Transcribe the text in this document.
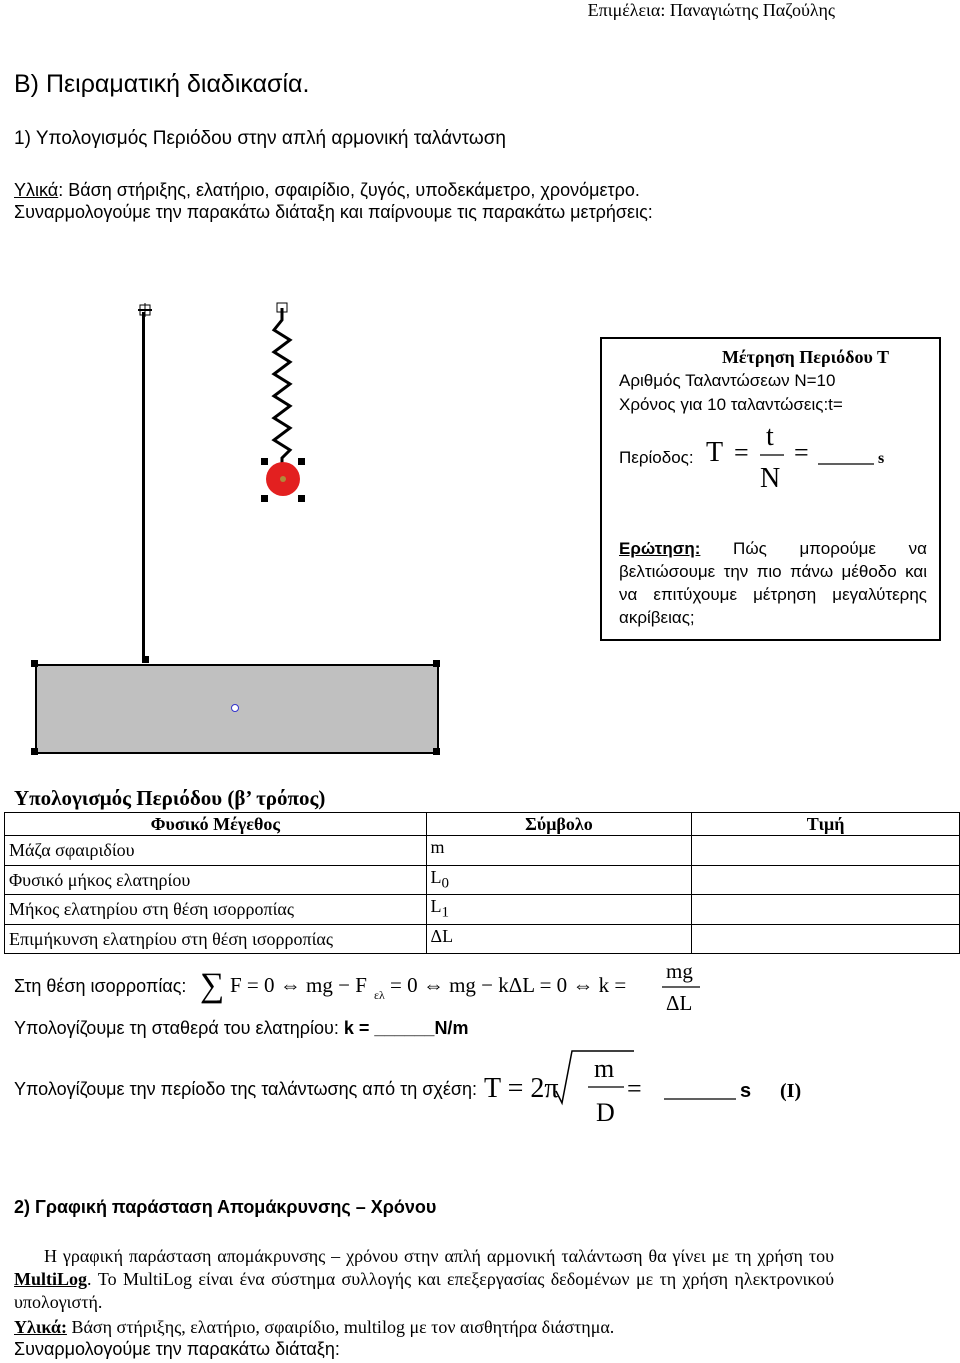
Επιμέλεια: Παναγιώτης Παζούλης
Β) Πειραματική διαδικασία.
1) Υπολογισμός Περιόδου στην απλή αρμονική ταλάντωση
Υλικά: Βάση στήριξης, ελατήριο, σφαιρίδιο, ζυγός, υποδεκάμετρο, χρονόμετρο.
Συναρμολογούμε την παρακάτω διάταξη και παίρνουμε τις παρακάτω μετρήσεις:
Μέτρηση Περιόδου Τ
Αριθμός Ταλαντώσεων Ν=10
Χρόνος για 10 ταλαντώσεις:t=
Περίοδος: T =
t
N
=	s
Ερώτηση: Πώς μπορούμε να βελτιώσουμε την πιο πάνω μέθοδο και να επιτύχουμε μέτρηση μεγαλύτερης ακρίβειας;
Υπολογισμός Περιόδου (β’ τρόπος)
Φυσικό Μέγεθος	Σύμβολο	Τιμή
Μάζα σφαιριδίου	m	
Φυσικό μήκος ελατηρίου	$L_0$	
Μήκος ελατηρίου στη θέση ισορροπίας	$L_1$	
Επιμήκυνση ελατηρίου στη θέση ισορροπίας	ΔL	
Στη θέση ισορροπίας: ∑ F = 0 ⇔ mg − F ελ = 0 ⇔ mg − kΔL = 0 ⇔ k =
mg
ΔL
Υπολογίζουμε τη σταθερά του ελατηρίου: k = ______N/m
Υπολογίζουμε την περίοδο της ταλάντωσης από τη σχέση: T = 2π
m
D
=	s (Ι)
2) Γραφική παράσταση Απομάκρυνσης – Χρόνου
Η γραφική παράσταση απομάκρυνσης – χρόνου στην απλή αρμονική ταλάντωση θα γίνει με τη χρήση του MultiLog. Το MultiLog είναι ένα σύστημα συλλογής και επεξεργασίας δεδομένων με τη χρήση ηλεκτρονικού υπολογιστή.
Υλικά: Βάση στήριξης, ελατήριο, σφαιρίδιο, multilog με τον αισθητήρα διάστημα.
Συναρμολογούμε την παρακάτω διάταξη:
